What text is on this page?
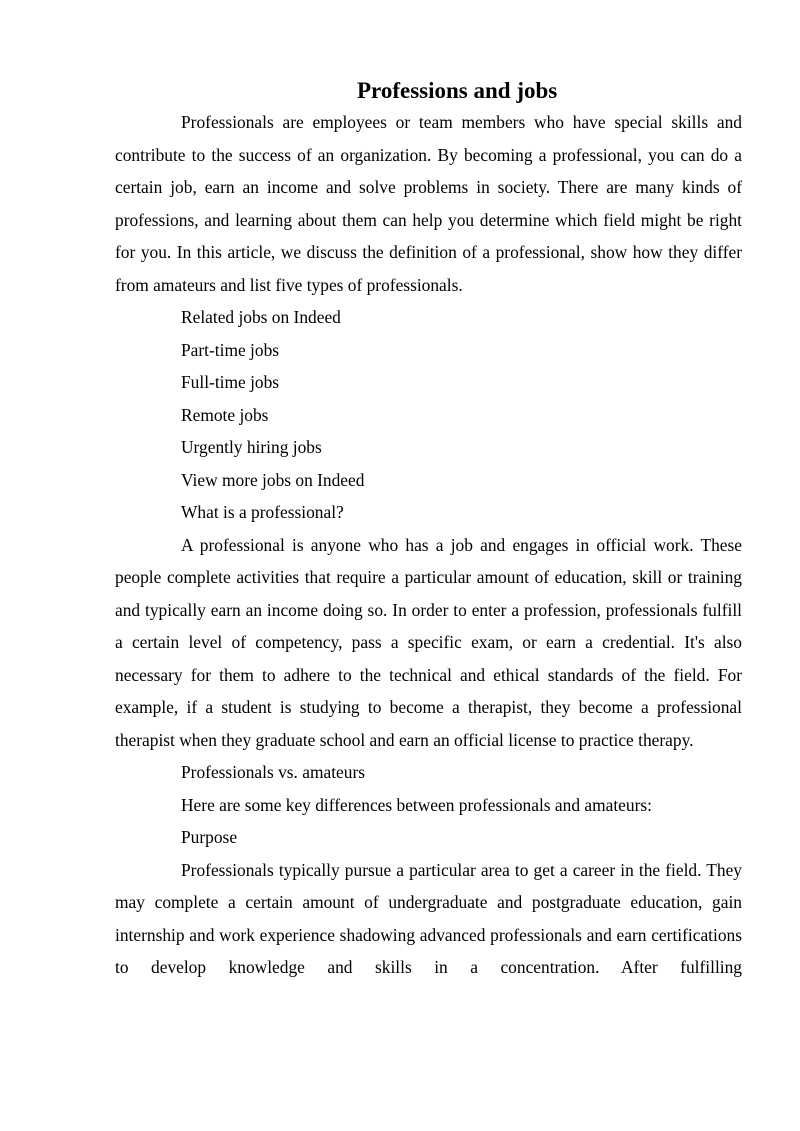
Professions and jobs

Professionals are employees or team members who have special skills and contribute to the success of an organization. By becoming a professional, you can do a certain job, earn an income and solve problems in society. There are many kinds of professions, and learning about them can help you determine which field might be right for you. In this article, we discuss the definition of a professional, show how they differ from amateurs and list five types of professionals.

Related jobs on Indeed

Part-time jobs

Full-time jobs

Remote jobs

Urgently hiring jobs

View more jobs on Indeed

What is a professional?

A professional is anyone who has a job and engages in official work. These people complete activities that require a particular amount of education, skill or training and typically earn an income doing so. In order to enter a profession, professionals fulfill a certain level of competency, pass a specific exam, or earn a credential. It's also necessary for them to adhere to the technical and ethical standards of the field. For example, if a student is studying to become a therapist, they become a professional therapist when they graduate school and earn an official license to practice therapy.

Professionals vs. amateurs

Here are some key differences between professionals and amateurs:

Purpose

Professionals typically pursue a particular area to get a career in the field. They may complete a certain amount of undergraduate and postgraduate education, gain internship and work experience shadowing advanced professionals and earn certifications to develop knowledge and skills in a concentration. After fulfilling
